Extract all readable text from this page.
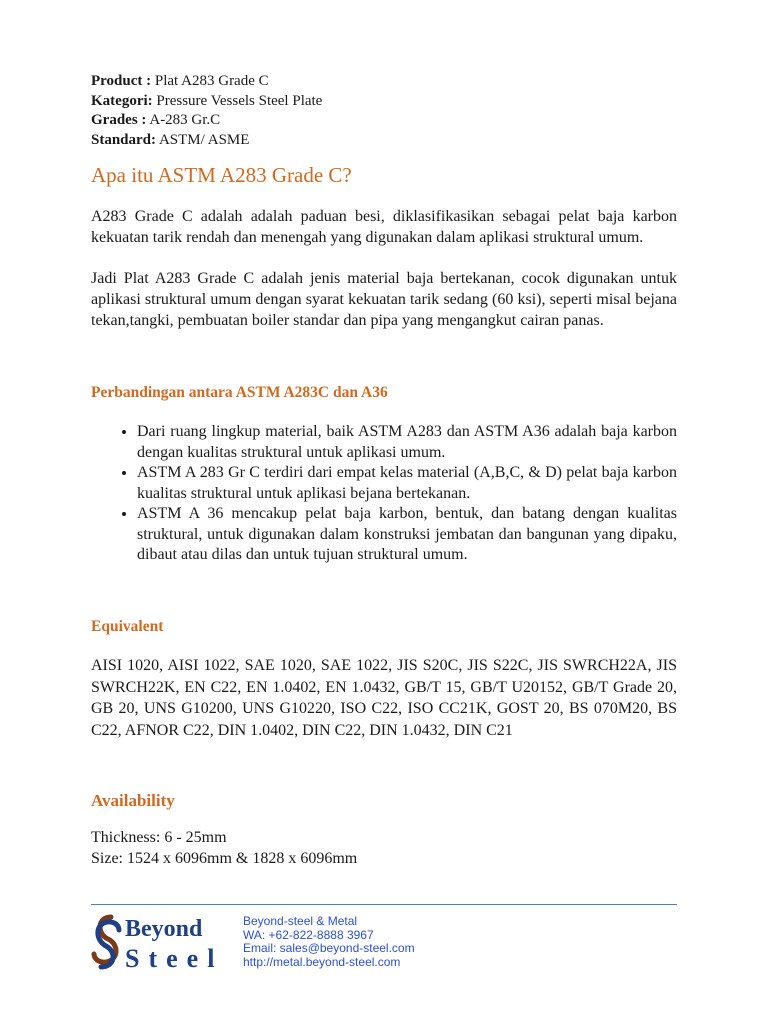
Product : Plat A283 Grade C
Kategori: Pressure Vessels Steel Plate
Grades : A-283 Gr.C
Standard: ASTM/ ASME
Apa itu ASTM A283 Grade C?

A283 Grade C adalah adalah paduan besi, diklasifikasikan sebagai pelat baja karbon kekuatan tarik rendah dan menengah yang digunakan dalam aplikasi struktural umum.

Jadi Plat A283 Grade C adalah jenis material baja bertekanan, cocok digunakan untuk aplikasi struktural umum dengan syarat kekuatan tarik sedang (60 ksi), seperti misal bejana tekan,tangki, pembuatan boiler standar dan pipa yang mengangkut cairan panas.

Perbandingan antara ASTM A283C dan A36
• Dari ruang lingkup material, baik ASTM A283 dan ASTM A36 adalah baja karbon dengan kualitas struktural untuk aplikasi umum.
• ASTM A 283 Gr C terdiri dari empat kelas material (A,B,C, & D) pelat baja karbon kualitas struktural untuk aplikasi bejana bertekanan.
• ASTM A 36 mencakup pelat baja karbon, bentuk, dan batang dengan kualitas struktural, untuk digunakan dalam konstruksi jembatan dan bangunan yang dipaku, dibaut atau dilas dan untuk tujuan struktural umum.
Equivalent

AISI 1020, AISI 1022, SAE 1020, SAE 1022, JIS S20C, JIS S22C, JIS SWRCH22A, JIS SWRCH22K, EN C22, EN 1.0402, EN 1.0432, GB/T 15, GB/T U20152, GB/T Grade 20, GB 20, UNS G10200, UNS G10220, ISO C22, ISO CC21K, GOST 20, BS 070M20, BS C22, AFNOR C22, DIN 1.0402, DIN C22, DIN 1.0432, DIN C21

Availability
Thickness: 6 - 25mm
Size: 1524 x 6096mm & 1828 x 6096mm
Beyond
Steel
Beyond-steel & Metal
WA: +62-822-8888 3967
Email: sales@beyond-steel.com
http://metal.beyond-steel.com
